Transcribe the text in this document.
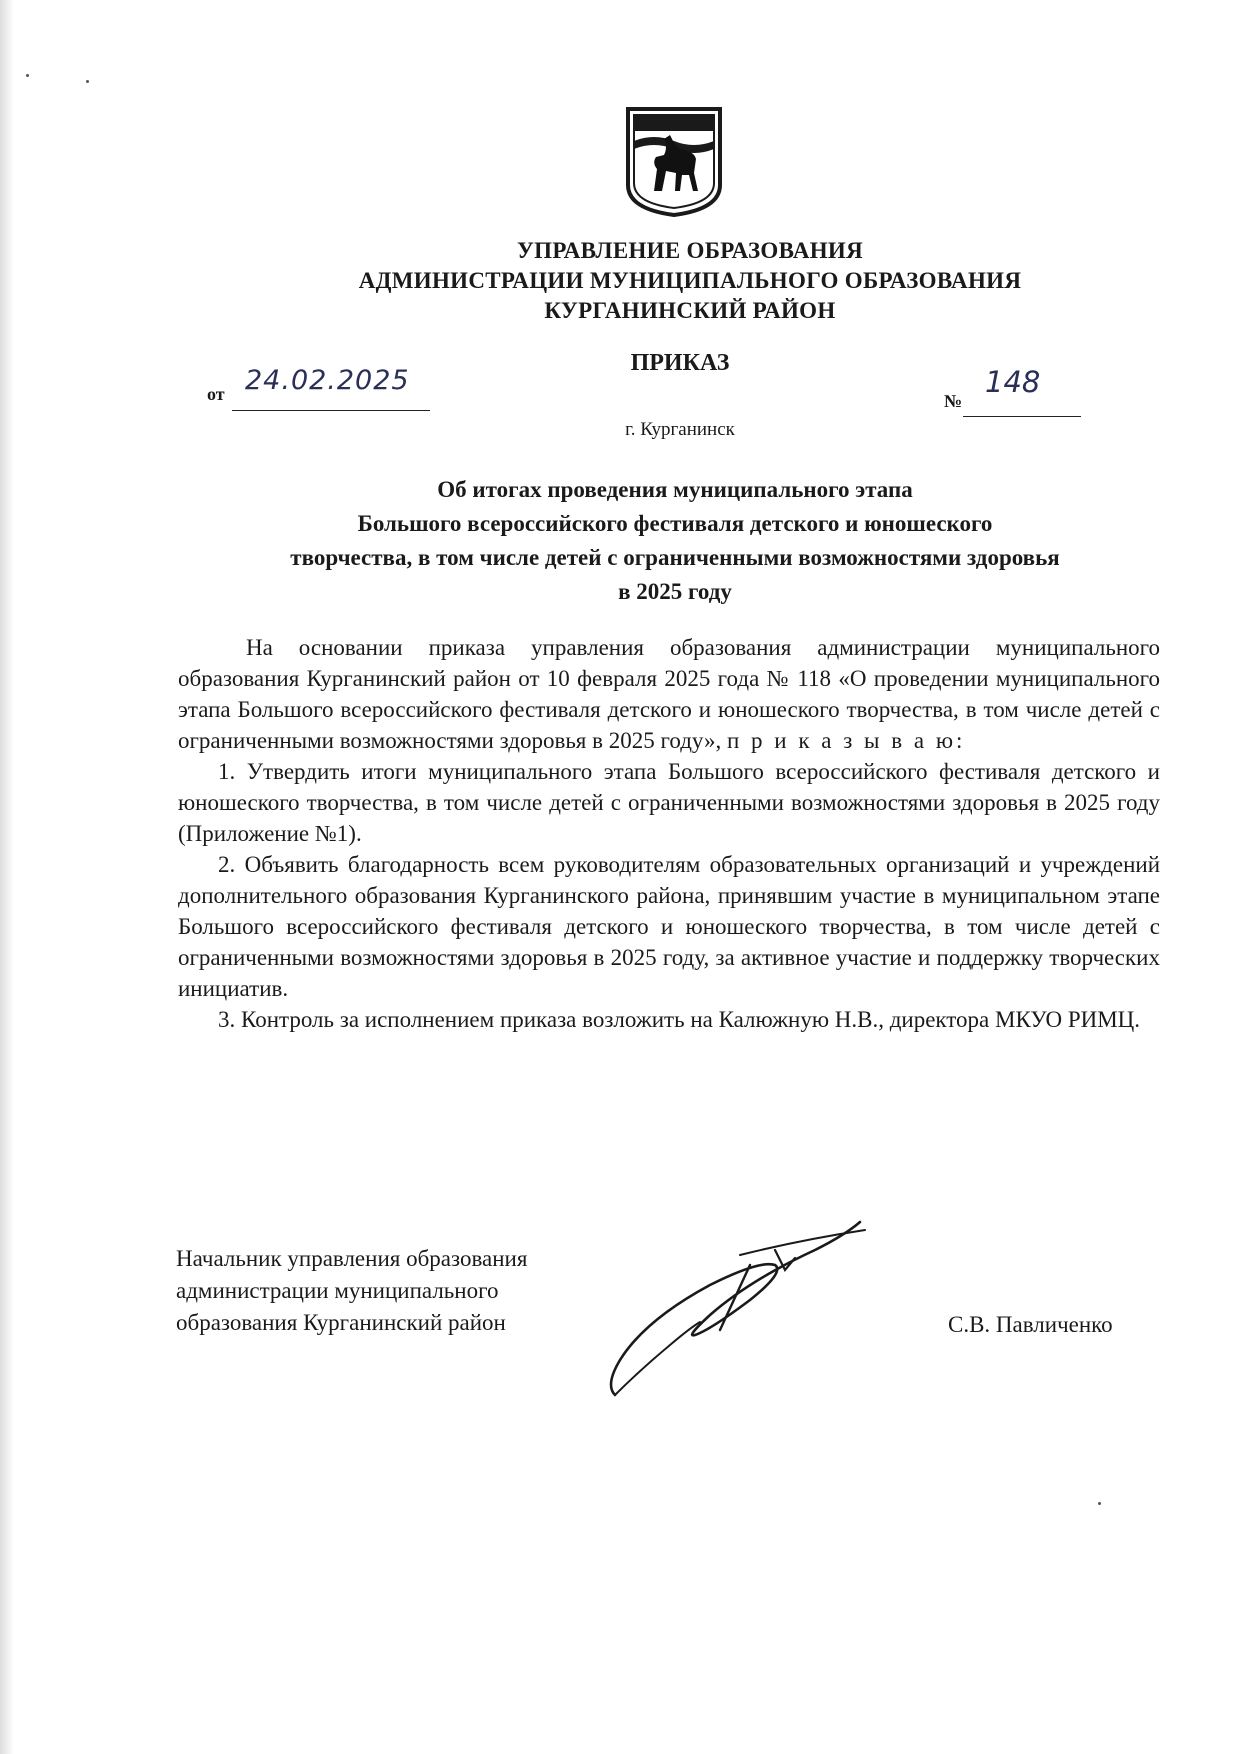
УПРАВЛЕНИЕ ОБРАЗОВАНИЯ
АДМИНИСТРАЦИИ МУНИЦИПАЛЬНОГО ОБРАЗОВАНИЯ
КУРГАНИНСКИЙ РАЙОН
ПРИКАЗ
от 24.02.2025
№
148
г. Курганинск
Об итогах проведения муниципального этапа
Большого всероссийского фестиваля детского и юношеского
творчества, в том числе детей с ограниченными возможностями здоровья
в 2025 году

На основании приказа управления образования администрации муниципального образования Курганинский район от 10 февраля 2025 года № 118 «О проведении муниципального этапа Большого всероссийского фестиваля детского и юношеского творчества, в том числе детей с ограниченными возможностями здоровья в 2025 году», п р и к а з ы в а ю:

1. Утвердить итоги муниципального этапа Большого всероссийского фестиваля детского и юношеского творчества, в том числе детей с ограниченными возможностями здоровья в 2025 году (Приложение №1).

2. Объявить благодарность всем руководителям образовательных организаций и учреждений дополнительного образования Курганинского района, принявшим участие в муниципальном этапе Большого всероссийского фестиваля детского и юношеского творчества, в том числе детей с ограниченными возможностями здоровья в 2025 году, за активное участие и поддержку творческих инициатив.

3. Контроль за исполнением приказа возложить на Калюжную Н.В., директора МКУО РИМЦ.

Начальник управления образования
администрации муниципального
образования Курганинский район	С.В. Павличенко
